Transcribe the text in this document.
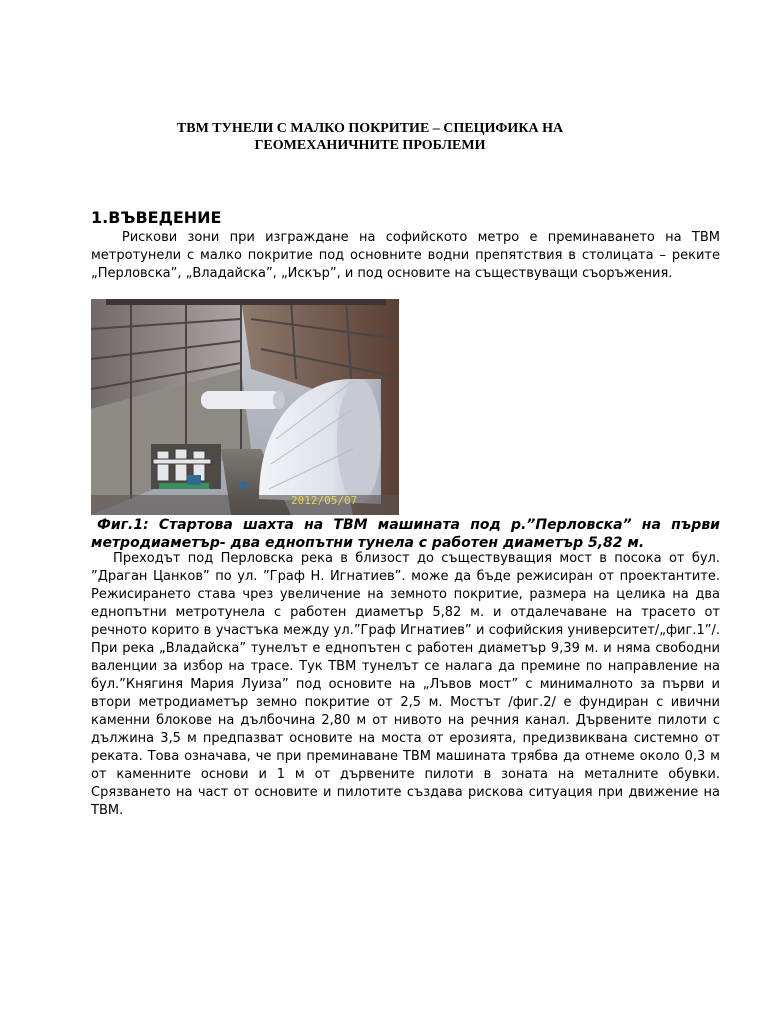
TBM ТУНЕЛИ С МАЛКО ПОКРИТИЕ – СПЕЦИФИКА НА
ГЕОМЕХАНИЧНИТЕ ПРОБЛЕМИ
1.ВЪВЕДЕНИЕ

Рискови зони при изграждане на софийското метро е преминаването на TBM метротунели с малко покритие под основните водни препятствия в столицата – реките „Перловска”, „Владайска”, „Искър”, и под основите на съществуващи съоръжения.

2012/05/07

Фиг.1: Стартова шахта на TBM машината под р.”Перловска” на първи метродиаметър- два еднопътни тунела с работен диаметър 5,82 м.

Преходът под Перловска река в близост до съществуващия мост в посока от бул. ”Драган Цанков” по ул. ”Граф Н. Игнатиев”. може да бъде режисиран от проектантите. Режисирането става чрез увеличение на земното покритие, размера на целика на два еднопътни метротунела с работен диаметър 5,82 м. и отдалечаване на трасето от речното корито в участъка между ул.”Граф Игнатиев” и софийския университет/„фиг.1”/. При река „Владайска” тунелът е еднопътен с работен диаметър 9,39 м. и няма свободни валенции за избор на трасе. Тук TBM тунелът се налага да премине по направление на бул.”Княгиня Мария Луиза” под основите на „Лъвов мост” с минималното за първи и втори метродиаметър земно покритие от 2,5 м. Мостът /фиг.2/ е фундиран с ивични каменни блокове на дълбочина 2,80 м от нивото на речния канал. Дървените пилоти с дължина 3,5 м предпазват основите на моста от ерозията, предизвиквана системно от реката. Това означава, че при преминаване TBM машината трябва да отнеме около 0,3 м от каменните основи и 1 м от дървените пилоти в зоната на металните обувки. Срязването на част от основите и пилотите създава рискова ситуация при движение на TBM.
